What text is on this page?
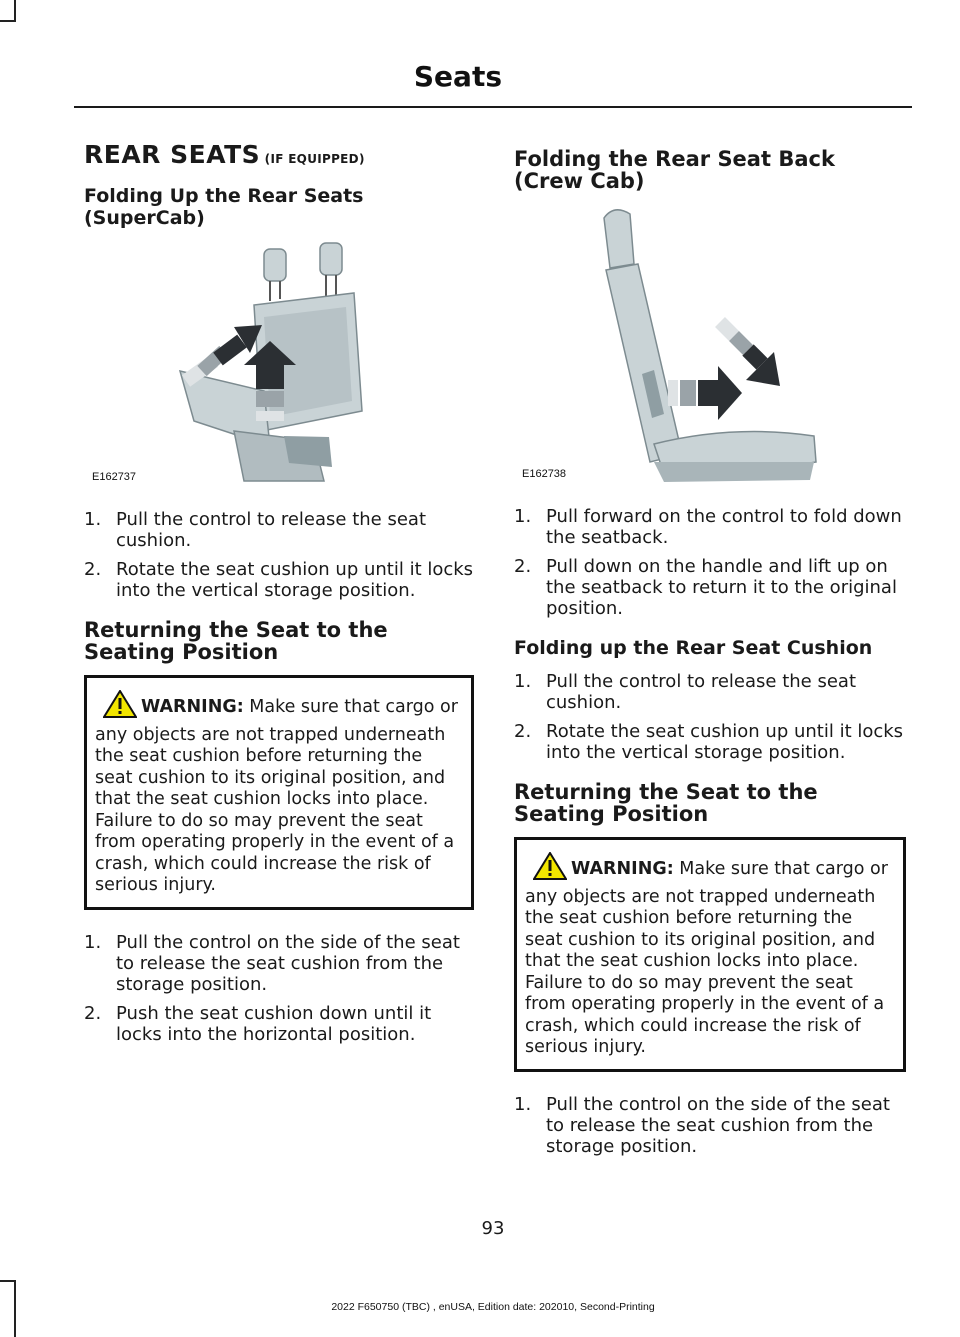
Seats
REAR SEATS (IF EQUIPPED)
Folding Up the Rear Seats (SuperCab)
E162737
1. Pull the control to release the seat cushion.
2. Rotate the seat cushion up until it locks into the vertical storage position.
Returning the Seat to the Seating Position
WARNING: Make sure that cargo or any objects are not trapped underneath the seat cushion before returning the seat cushion to its original position, and that the seat cushion locks into place. Failure to do so may prevent the seat from operating properly in the event of a crash, which could increase the risk of serious injury.
1. Pull the control on the side of the seat to release the seat cushion from the storage position.
2. Push the seat cushion down until it locks into the horizontal position.
Folding the Rear Seat Back (Crew Cab)
E162738
1. Pull forward on the control to fold down the seatback.
2. Pull down on the handle and lift up on the seatback to return it to the original position.
Folding up the Rear Seat Cushion
1. Pull the control to release the seat cushion.
2. Rotate the seat cushion up until it locks into the vertical storage position.
Returning the Seat to the Seating Position
WARNING: Make sure that cargo or any objects are not trapped underneath the seat cushion before returning the seat cushion to its original position, and that the seat cushion locks into place. Failure to do so may prevent the seat from operating properly in the event of a crash, which could increase the risk of serious injury.
1. Pull the control on the side of the seat to release the seat cushion from the storage position.
93
2022 F650750 (TBC) , enUSA, Edition date: 202010, Second-Printing
